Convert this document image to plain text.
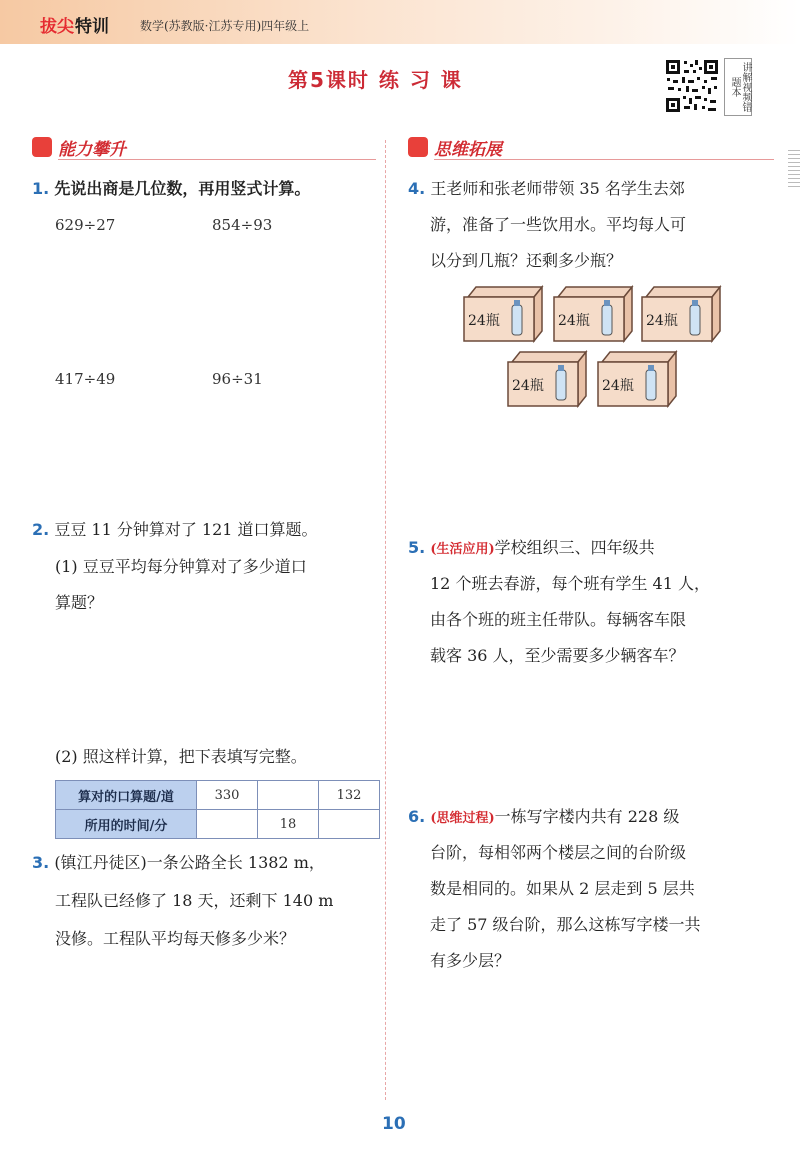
拔尖特训	数学(苏教版·江苏专用)四年级上
第5课时 练 习 课	讲解视频错题本
能力攀升	思维拓展
1. 先说出商是几位数，再用竖式计算。
629÷27	854÷93
417÷49	96÷31
2. 豆豆 11 分钟算对了 121 道口算题。
(1) 豆豆平均每分钟算对了多少道口
算题？
(2) 照这样计算，把下表填写完整。
算对的口算题/道	330		132
所用的时间/分		18	
3. (镇江丹徒区)一条公路全长 1382 m，
工程队已经修了 18 天，还剩下 140 m
没修。工程队平均每天修多少米？
4. 王老师和张老师带领 35 名学生去郊
游，准备了一些饮用水。平均每人可
以分到几瓶？还剩多少瓶？
24瓶	24瓶	24瓶
24瓶	24瓶
5. (生活应用)学校组织三、四年级共
12 个班去春游，每个班有学生 41 人，
由各个班的班主任带队。每辆客车限
载客 36 人，至少需要多少辆客车？
6. (思维过程)一栋写字楼内共有 228 级
台阶，每相邻两个楼层之间的台阶级
数是相同的。如果从 2 层走到 5 层共
走了 57 级台阶，那么这栋写字楼一共
有多少层？
10
